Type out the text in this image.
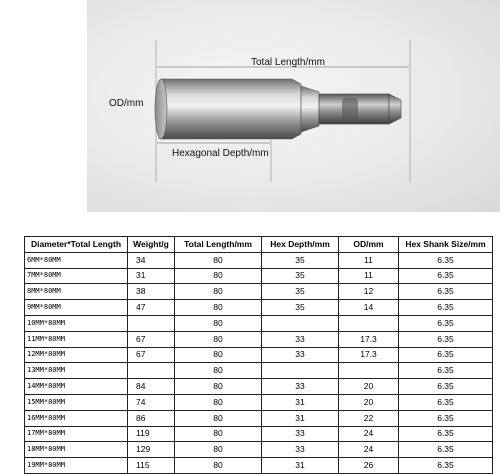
Total Length/mm
OD/mm
Hexagonal Depth/mm
Diameter*Total Length	Weight/g	Total Length/mm	Hex Depth/mm	OD/mm	Hex Shank Size/mm
6MM*80MM	34	80	35	11	6.35
7MM*80MM	31	80	35	11	6.35
8MM*80MM	38	80	35	12	6.35
9MM*80MM	47	80	35	14	6.35
10MM*80MM		80			6.35
11MM*80MM	67	80	33	17.3	6.35
12MM*80MM	67	80	33	17.3	6.35
13MM*80MM		80			6.35
14MM*80MM	84	80	33	20	6.35
15MM*80MM	74	80	31	20	6.35
16MM*80MM	86	80	31	22	6.35
17MM*80MM	119	80	33	24	6.35
18MM*80MM	129	80	33	24	6.35
19MM*80MM	115	80	31	26	6.35
